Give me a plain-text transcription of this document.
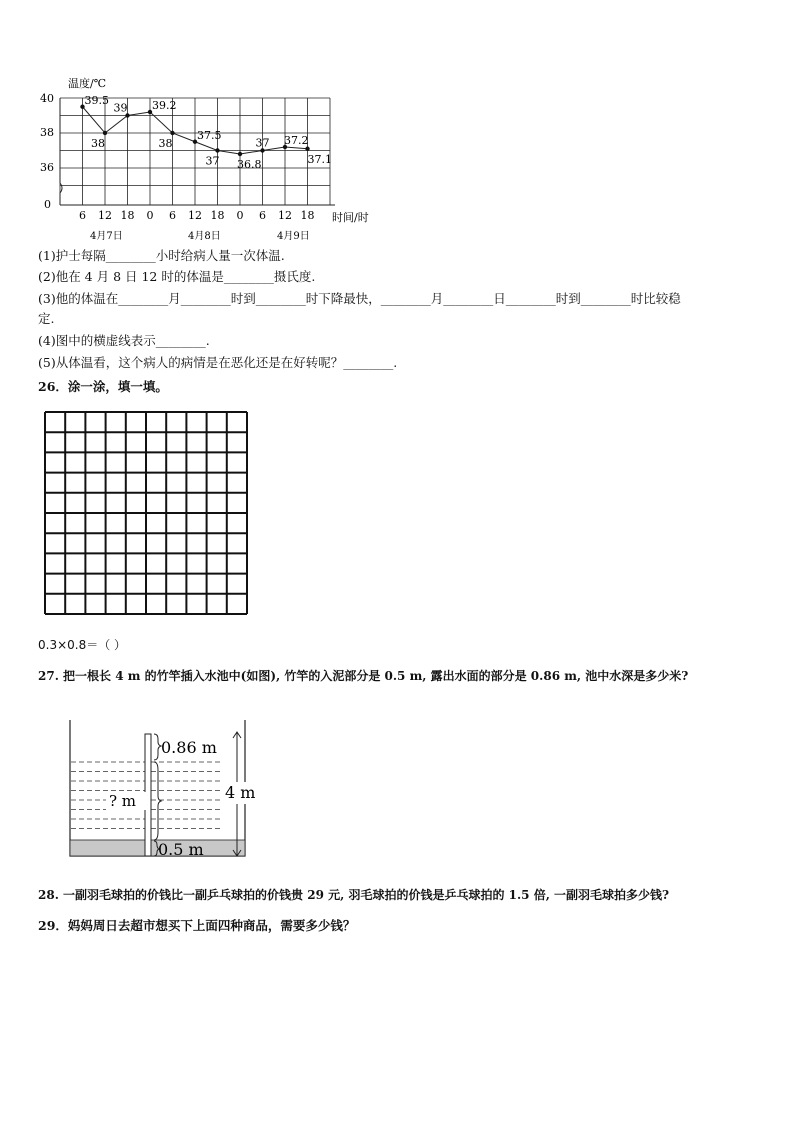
温度/℃
时间/时
40
38
36
0
6 12 18 0 6 12 18 0 6 12 18
4月7日	4月8日	4月9日
39.5
38
39 39.2
38
37.5
37 36.8
37 37.2
37.1
(1)护士每隔________小时给病人量一次体温.
(2)他在 4 月 8 日 12 时的体温是________摄氏度.
(3)他的体温在________月________时到________时下降最快，________月________日________时到________时比较稳
定.
(4)图中的横虚线表示________.
(5)从体温看，这个病人的病情是在恶化还是在好转呢？________.
26．涂一涂，填一填。
0.3×0.8＝（ ）
27. 把一根长 4 m 的竹竿插入水池中(如图), 竹竿的入泥部分是 0.5 m, 露出水面的部分是 0.86 m, 池中水深是多少米?
4 m
0.86 m
? m
0.5 m
28. 一副羽毛球拍的价钱比一副乒乓球拍的价钱贵 29 元, 羽毛球拍的价钱是乒乓球拍的 1.5 倍, 一副羽毛球拍多少钱?
29．妈妈周日去超市想买下上面四种商品，需要多少钱？
